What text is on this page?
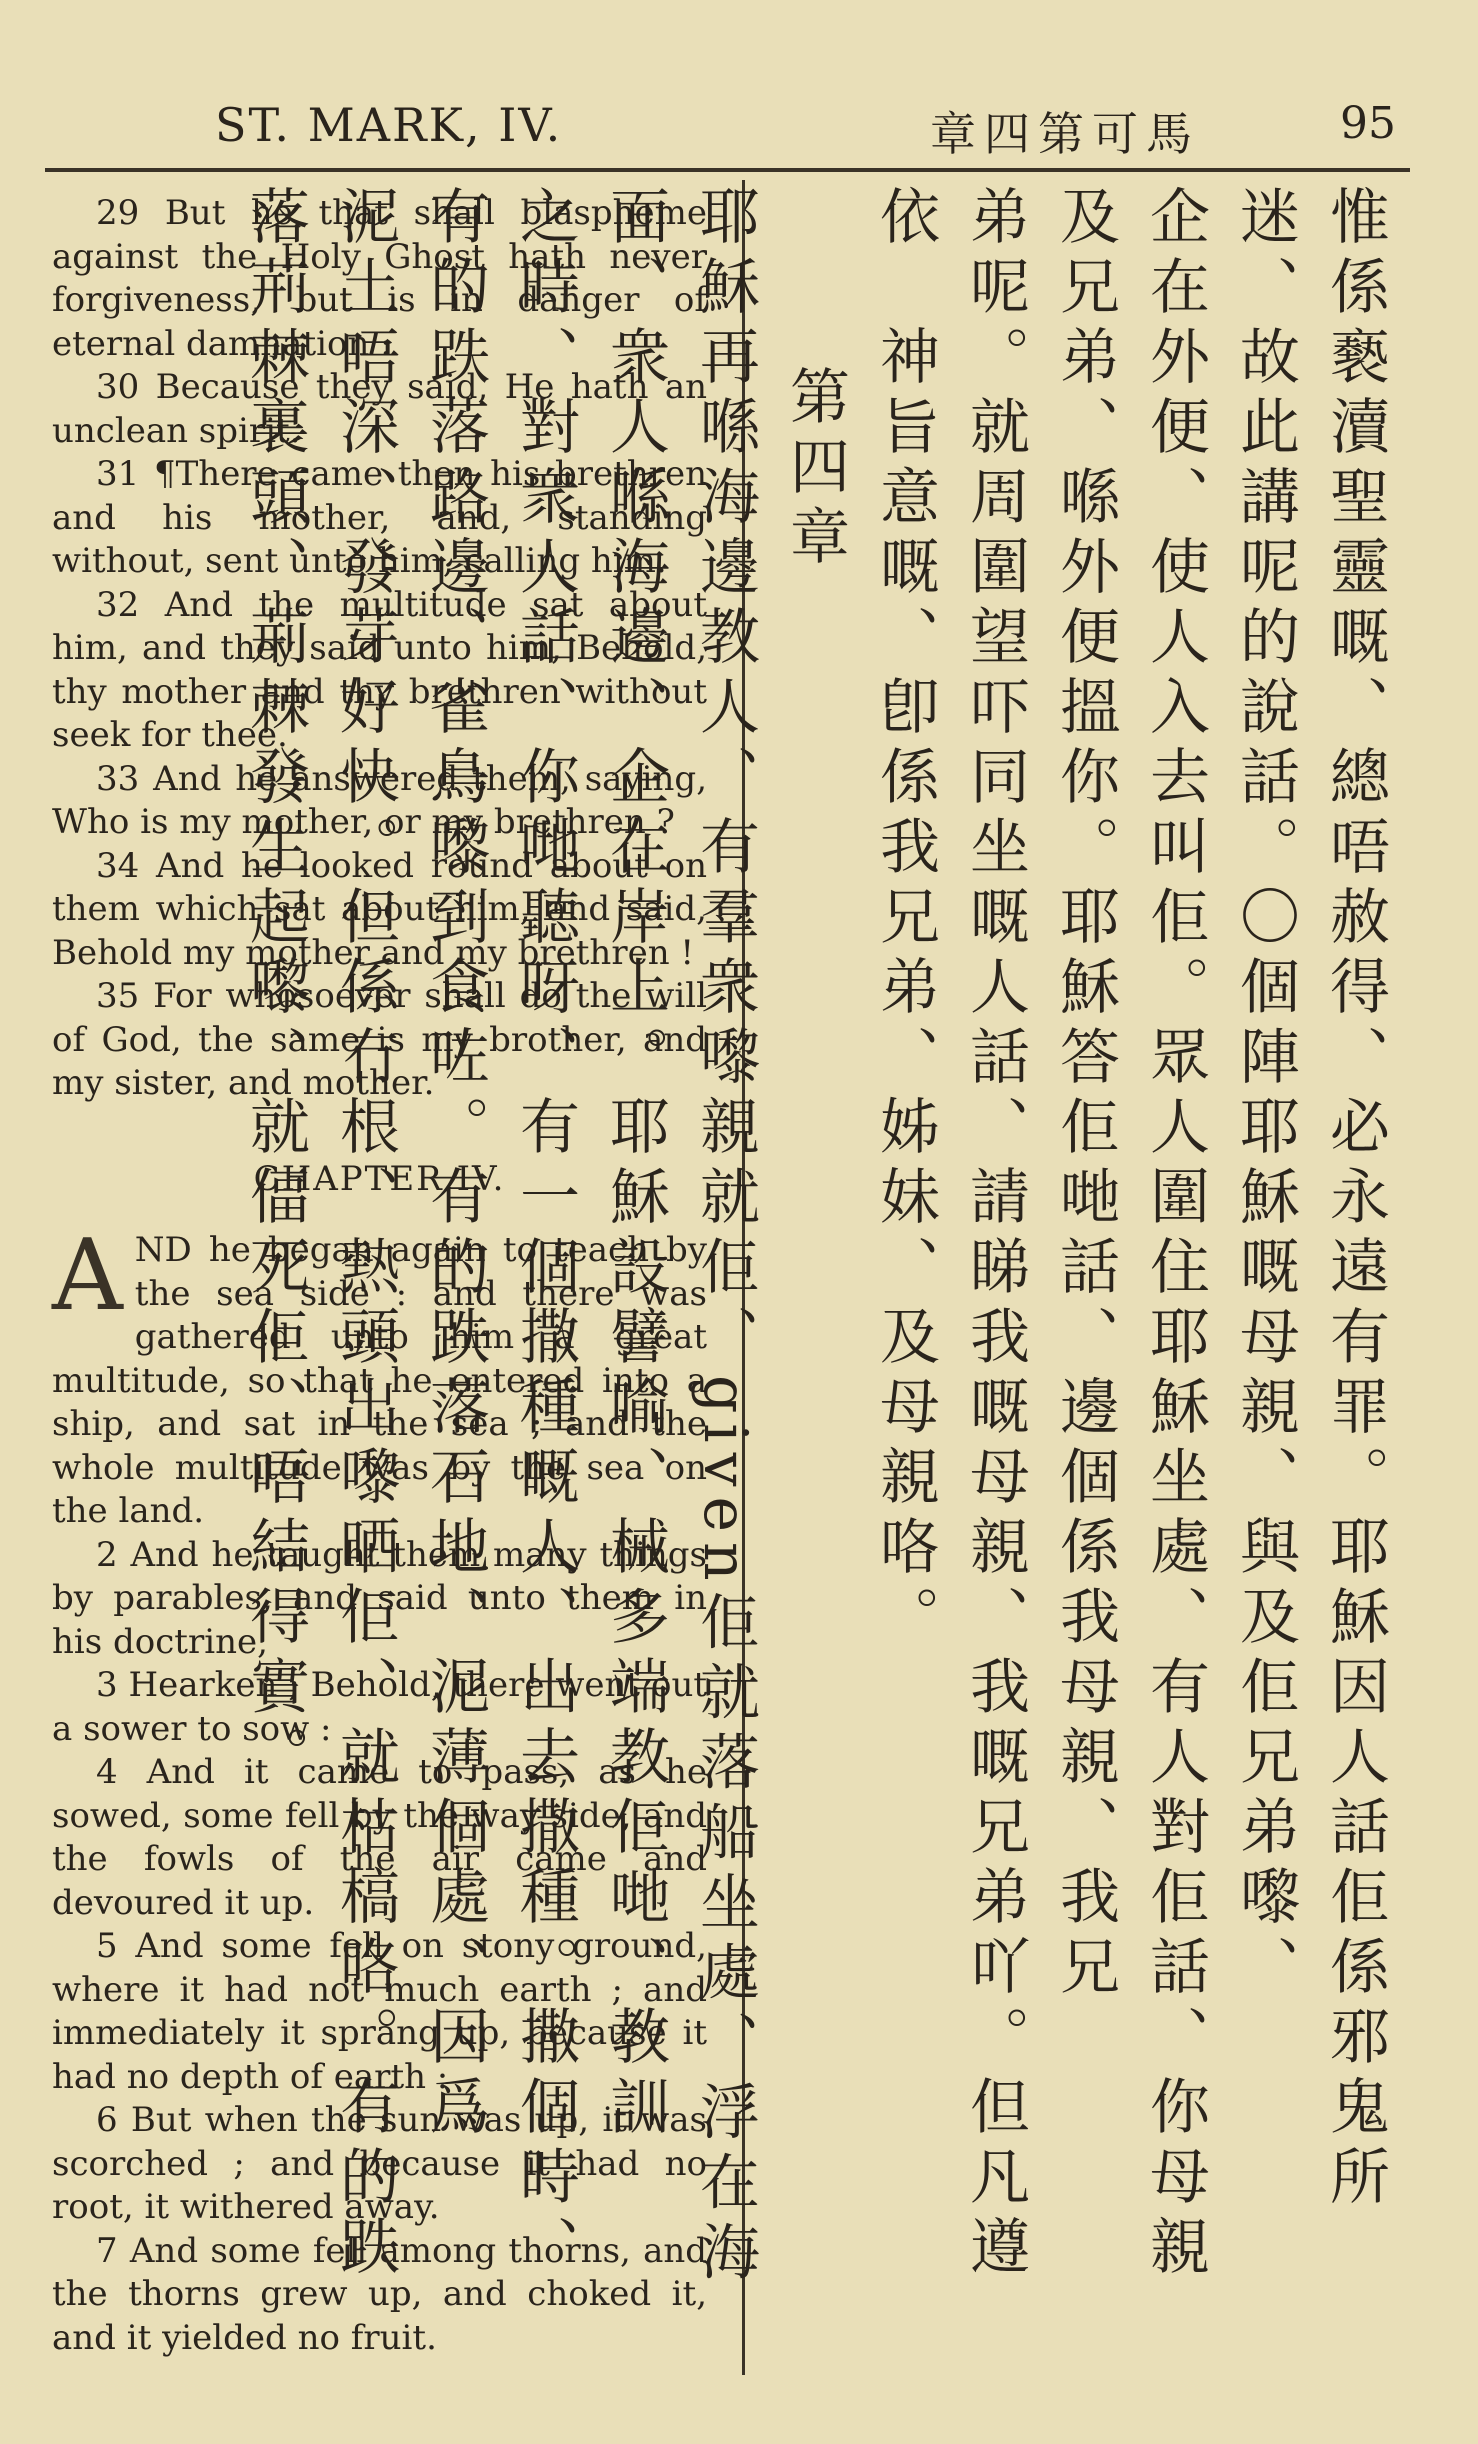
ST. MARK, IV.	章四第可馬	95

29 But he that shall blaspheme against the Holy Ghost hath never forgiveness, but is in danger of eternal damnation :

30 Because they said, He hath an unclean spirit.

31 ¶There came then his brethren and his mother, and, standing without, sent unto him, calling him.

32 And the multitude sat about him, and they said unto him, Behold, thy mother and thy brethren without seek for thee.

33 And he answered them, saying, Who is my mother, or my brethren ?

34 And he looked round about on them which sat about him, and said, Behold my mother and my brethren !

35 For whosoever shall do the will of God, the same is my brother, and my sister, and mother.

CHAPTER IV.

AND he began again to teach by the sea side : and there was gathered unto him a great multitude, so that he entered into a ship, and sat in the sea ; and the whole multitude was by the sea on the land.

2 And he taught them many things by parables, and said unto them in his doctrine,

3 Hearken ; Behold, there went out a sower to sow :

4 And it came to pass, as he sowed, some fell by the way side, and the fowls of the air came and devoured it up.

5 And some fell on stony ground, where it had not much earth ; and immediately it sprang up, because it had no depth of earth :

6 But when the sun was up, it was scorched ; and because it had no root, it withered away.

7 And some fell among thorns, and the thorns grew up, and choked it, and it yielded no fruit.

惟係褻瀆聖靈嘅、總唔赦得、必永遠有罪。耶穌因人話佢係邪鬼所迷、故此講呢的說話。〇個陣耶穌嘅母親、與及佢兄弟嚟、

企在外便、使人入去叫佢。眾人圍住耶穌坐處、有人對佢話、你母親及兄弟、喺外便搵你。耶穌答佢哋話、邊個係我母親、我兄

弟呢。就周圍望吓同坐嘅人話、請睇我嘅母親、我嘅兄弟吖。但凡遵依　神旨意嘅、卽係我兄弟、姊妹、及母親咯。

第四章

耶穌再喺海邊教人、有羣衆嚟親就佢、given佢就落船坐處、浮在海面、衆人喺海邊、企在岸上。耶穌設譬喻、械多端教佢哋、教訓

之時、對衆人話、你哋聽呀、有一個撒種嘅人、出去撒種。撒個時、有的跌落路邊、雀鳥嚟到食咗。有的跌落石地、泥薄個處、因爲

泥土唔深、發芽好快。但係冇根、熱頭出嚟晒佢、就枯槁咯。有的跌落荊棘裏頭、荊棘發生起嚟、就偪死佢、唔結得實。
